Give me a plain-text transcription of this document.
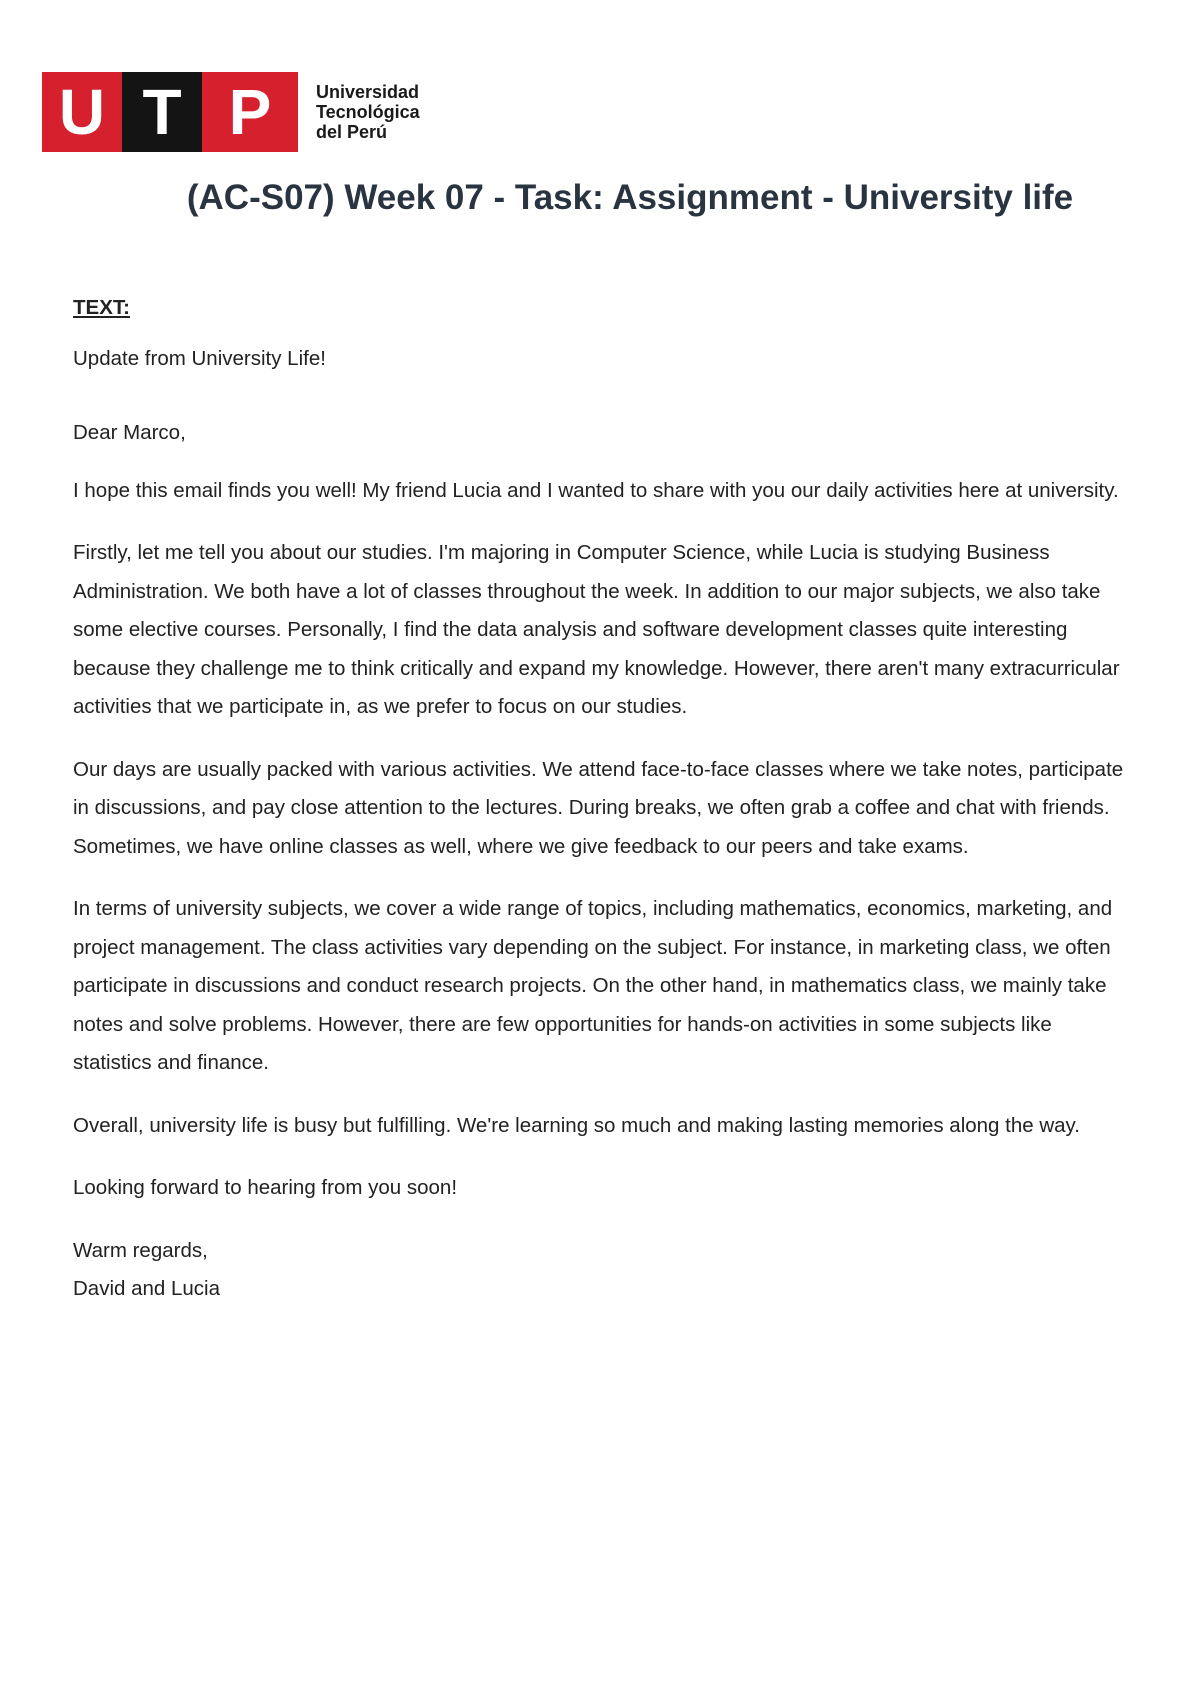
U T P	Universidad
Tecnológica
del Perú
(AC-S07) Week 07 - Task: Assignment - University life

TEXT:

Update from University Life!

Dear Marco,

I hope this email finds you well! My friend Lucia and I wanted to share with you our daily activities here at university.

Firstly, let me tell you about our studies. I'm majoring in Computer Science, while Lucia is studying Business Administration. We both have a lot of classes throughout the week. In addition to our major subjects, we also take some elective courses. Personally, I find the data analysis and software development classes quite interesting because they challenge me to think critically and expand my knowledge. However, there aren't many extracurricular activities that we participate in, as we prefer to focus on our studies.

Our days are usually packed with various activities. We attend face-to-face classes where we take notes, participate in discussions, and pay close attention to the lectures. During breaks, we often grab a coffee and chat with friends. Sometimes, we have online classes as well, where we give feedback to our peers and take exams.

In terms of university subjects, we cover a wide range of topics, including mathematics, economics, marketing, and project management. The class activities vary depending on the subject. For instance, in marketing class, we often participate in discussions and conduct research projects. On the other hand, in mathematics class, we mainly take notes and solve problems. However, there are few opportunities for hands-on activities in some subjects like statistics and finance.

Overall, university life is busy but fulfilling. We're learning so much and making lasting memories along the way.

Looking forward to hearing from you soon!

Warm regards,

David and Lucia
